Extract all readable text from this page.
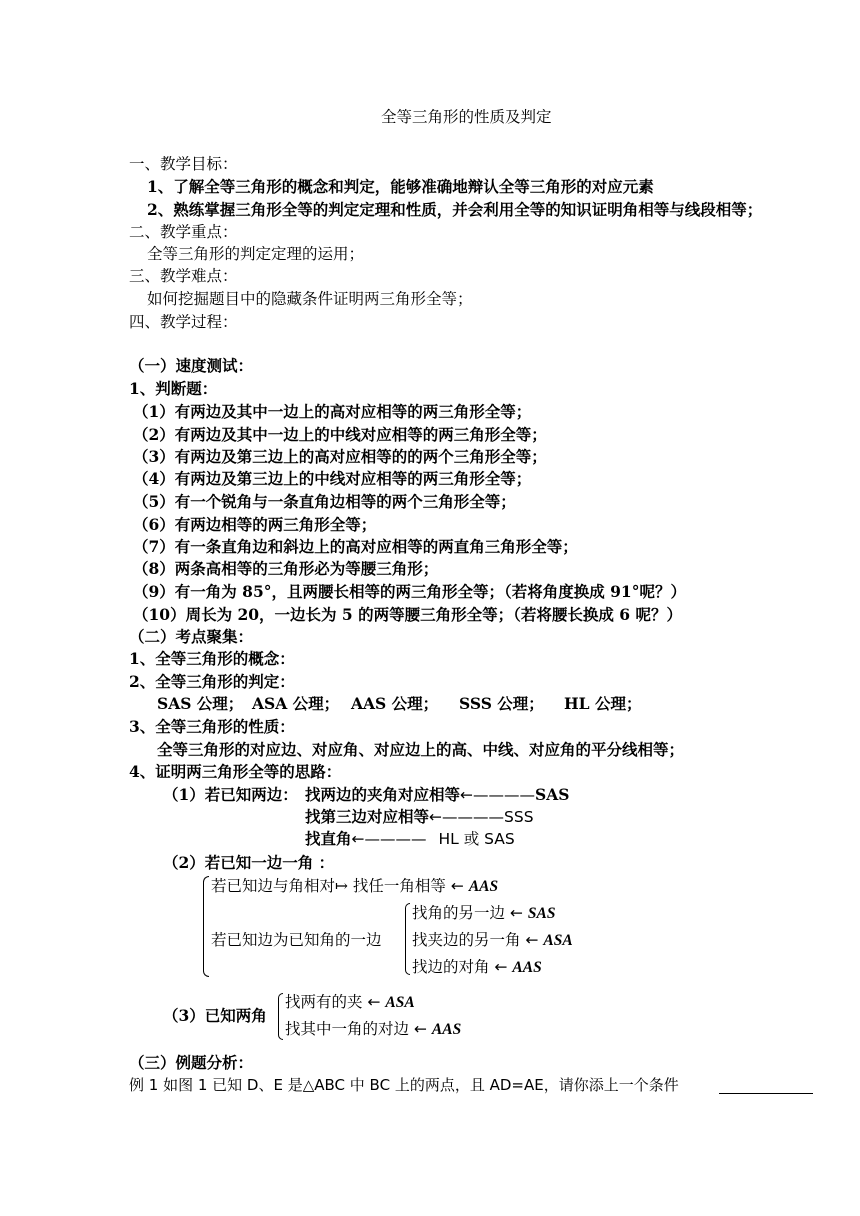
全等三角形的性质及判定
一、教学目标：
1、了解全等三角形的概念和判定，能够准确地辩认全等三角形的对应元素
2、熟练掌握三角形全等的判定定理和性质，并会利用全等的知识证明角相等与线段相等；
二、教学重点：
全等三角形的判定定理的运用；
三、教学难点：
如何挖掘题目中的隐藏条件证明两三角形全等；
四、教学过程：
（一）速度测试：
1、判断题：
（1）有两边及其中一边上的高对应相等的两三角形全等；
（2）有两边及其中一边上的中线对应相等的两三角形全等；
（3）有两边及第三边上的高对应相等的的两个三角形全等；
（4）有两边及第三边上的中线对应相等的两三角形全等；
（5）有一个锐角与一条直角边相等的两个三角形全等；
（6）有两边相等的两三角形全等；
（7）有一条直角边和斜边上的高对应相等的两直角三角形全等；
（8）两条高相等的三角形必为等腰三角形；
（9）有一角为 85°，且两腰长相等的两三角形全等；（若将角度换成 91°呢？）
（10）周长为 20，一边长为 5 的两等腰三角形全等；（若将腰长换成 6 呢？）
（二）考点聚集：
1、全等三角形的概念：
2、全等三角形的判定：
SAS 公理； ASA 公理； AAS 公理； SSS 公理； HL 公理；
3、全等三角形的性质：
全等三角形的对应边、对应角、对应边上的高、中线、对应角的平分线相等；
4、证明两三角形全等的思路：
（1）若已知两边： 找两边的夹角对应相等←————SAS
找第三边对应相等←————SSS
找直角←———— HL 或 SAS
（2）若已知一边一角 ：
若已知边与角相对↦ 找任一角相等 ← AAS
若已知边为已知角的一边
找角的另一边 ← SAS
找夹边的另一角 ← ASA
找边的对角 ← AAS
（3）已知两角
找两有的夹 ← ASA
找其中一角的对边 ← AAS
（三）例题分析：
例 1 如图 1 已知 D、E 是△ABC 中 BC 上的两点，且 AD=AE，请你添上一个条件
